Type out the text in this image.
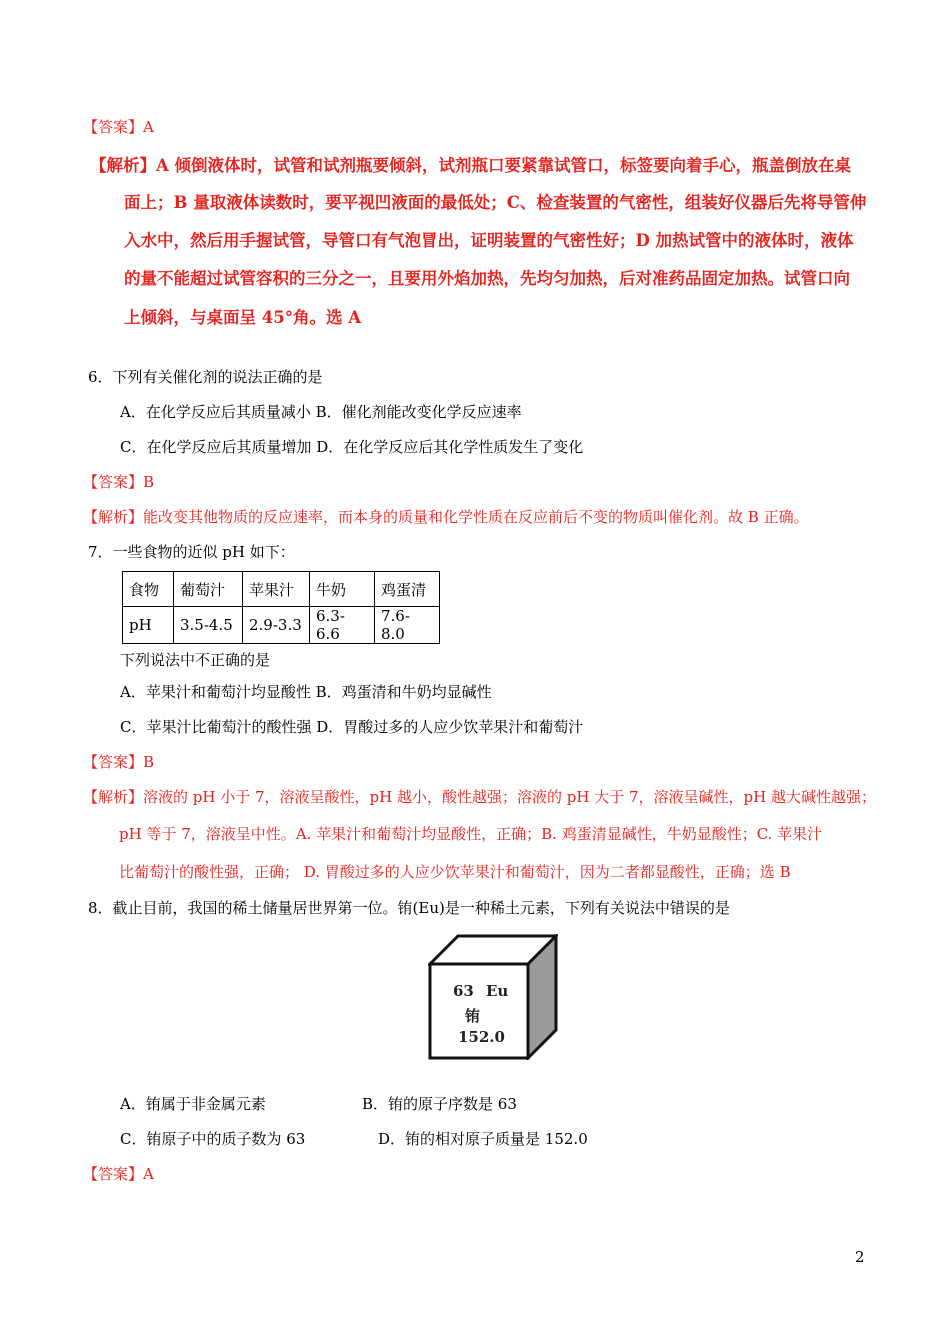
【答案】A
【解析】A 倾倒液体时，试管和试剂瓶要倾斜，试剂瓶口要紧靠试管口，标签要向着手心，瓶盖倒放在桌
面上；B 量取液体读数时，要平视凹液面的最低处；C、检查装置的气密性，组装好仪器后先将导管伸
入水中，然后用手握试管，导管口有气泡冒出，证明装置的气密性好；D 加热试管中的液体时，液体
的量不能超过试管容积的三分之一，且要用外焰加热，先均匀加热，后对准药品固定加热。试管口向
上倾斜，与桌面呈 45°角。选 A
6．下列有关催化剂的说法正确的是
A．在化学反应后其质量减小 B．催化剂能改变化学反应速率
C．在化学反应后其质量增加 D．在化学反应后其化学性质发生了变化
【答案】B
【解析】能改变其他物质的反应速率，而本身的质量和化学性质在反应前后不变的物质叫催化剂。故 B 正确。
7．一些食物的近似 pH 如下：
食物	葡萄汁	苹果汁	牛奶	鸡蛋清
pH	3.5-4.5	2.9-3.3	6.3-6.6	7.6-8.0
下列说法中不正确的是
A．苹果汁和葡萄汁均显酸性 B．鸡蛋清和牛奶均显碱性
C．苹果汁比葡萄汁的酸性强 D．胃酸过多的人应少饮苹果汁和葡萄汁
【答案】B
【解析】溶液的 pH 小于 7，溶液呈酸性，pH 越小，酸性越强；溶液的 pH 大于 7，溶液呈碱性，pH 越大碱性越强；
pH 等于 7，溶液呈中性。A. 苹果汁和葡萄汁均显酸性，正确；B. 鸡蛋清显碱性，牛奶显酸性；C. 苹果汁
比葡萄汁的酸性强，正确； D. 胃酸过多的人应少饮苹果汁和葡萄汁，因为二者都显酸性，正确；选 B
8．截止目前，我国的稀土储量居世界第一位。铕(Eu)是一种稀土元素，下列有关说法中错误的是
63 Eu
铕
152.0
A．铕属于非金属元素	B．铕的原子序数是 63
C．铕原子中的质子数为 63	D．铕的相对原子质量是 152.0
【答案】A
2
